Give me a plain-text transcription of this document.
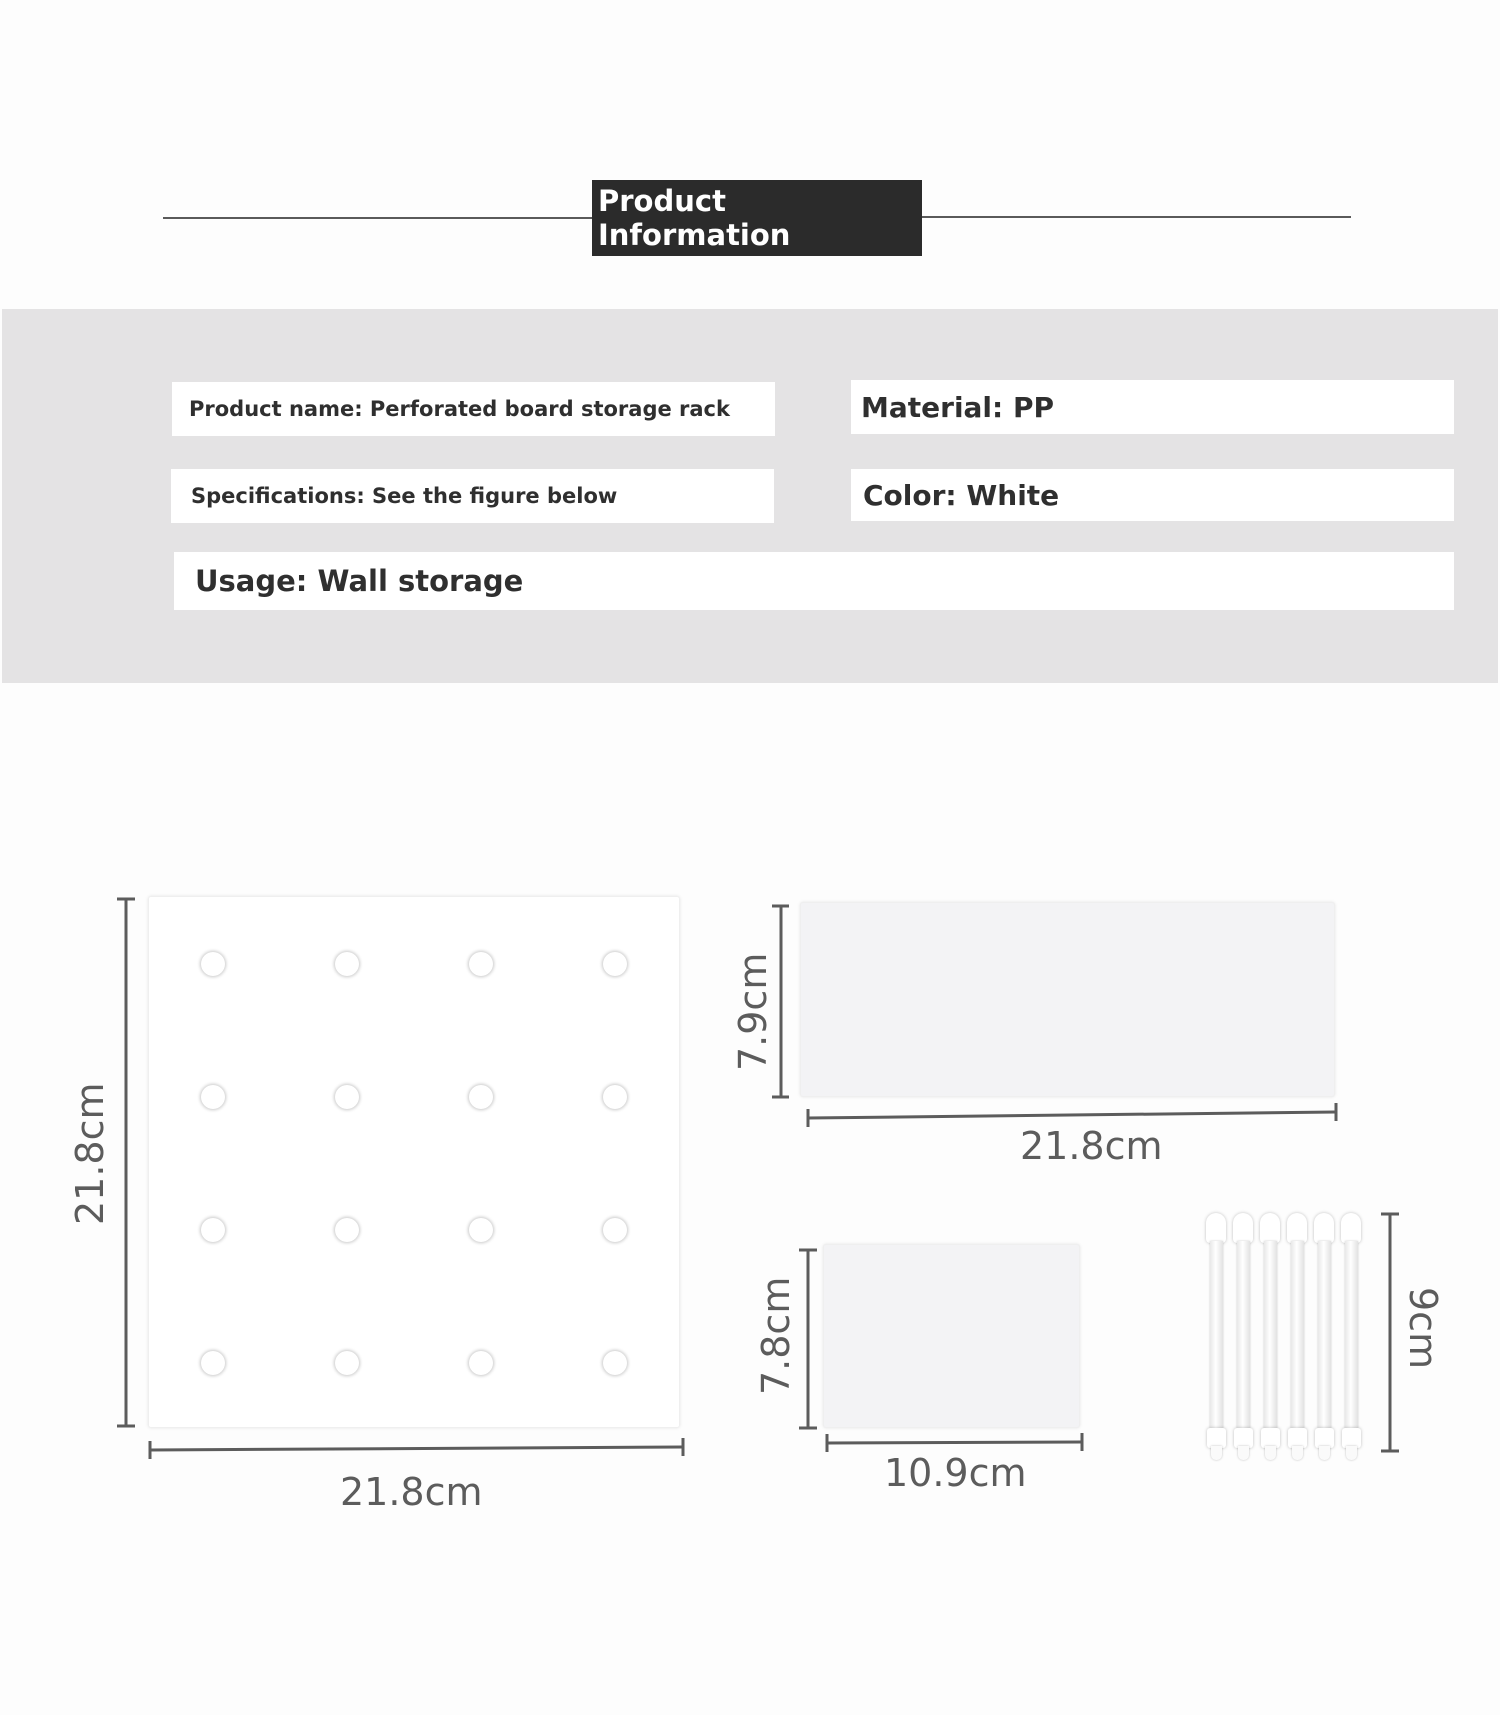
Product Information
Product name: Perforated board storage rack	Material: PP
Specifications: See the figure below	Color: White
Usage: Wall storage
21.8cm
21.8cm
7.9cm
21.8cm
7.8cm
10.9cm
9cm
